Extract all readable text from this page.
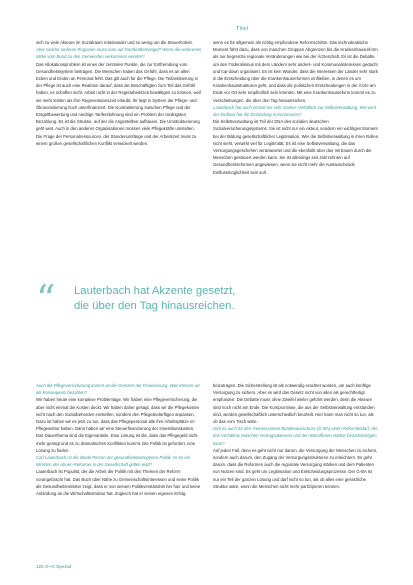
Titel

sich zu viele Akteure im Sozialraum miteinander und so wenig um die Steuerhoheit.

Aber welche anderen Regionen muss man auf Fachkräftemangel? Wenn die verlorenen Mittel vom Bund zu den Gemeinden verkommen werden?

Das Allokationsproblem ist eines der zentralen Punkte, die zur Entfremdung vom Gesundheitssystem beitragen. Die Menschen haben das Gefühl, dass es an allen Ecken und Enden an Personal fehlt. Das gilt auch für die Pflege. Die Teilzeitisierung in der Pflege ist auch eine Reaktion darauf, dass die Beschäftigten zum Teil das Gefühl haben, es schaffen nicht. Arbeit nicht in der Regelarbeitszeit bewältigen zu können, weil sie mehr leisten als ihre Regenerationszeit erlaubt. Ihr liegt in System der Pflege- und Ökonomisierung hoch unterfinanziert. Die Kontrastierung zwischen Pflege und der Entgeltbewertung und niedrige Tarifentlohnung sind ein Problem der niedrigsten Bezahlung. Es ist die Struktur, auf der die Angestellten aufbauen. Die Umstrukturierung geht weit. Auch in den anderen Organisationen müssen viele Pflegekräfte umstellen. Die Frage der Personalressourcen, der Stundenumfänge und der Arbeitszeit muss zu einem großen gesellschaftlichen Konflikt verwickelt werden.

wenn es für allgemein als richtig empfundene Reformschritte. Das technokratische Moment führt dazu, dass von manchen Gruppen Abgrenzen bis die Krankenhausreform als nur begrenzte regionale Veränderungen wie bei der Ärzteschaft. Es ist die Debatte um den Föderalismus mit dem Ländern sehr anders- und Kommunalinteressen gedacht und top-down organisiert. Es ist kein Wunder, dass die Interessen der Länder sehr stark in die Entscheidung über die Krankenhausreformen einfließen, in denen es um Krankenhausstrukturen geht, und dass die politischen Entscheidungen in der Ärzte am Ende vor Ort sehr empfindlich sein könnten. Mit eine Krankenhausreform kommt es zu Verschiebungen, die über den Tag hinausreichen.

Lauterbach hat auch einmal ein sehr starkes Verhältnis zur Selbstverwaltung. Wie wird der Einfluss hat die Einbindung in Kommunen?

Die Selbstverwaltung ist Teil der DNA des sozialen deutschen Sozialversicherungssystems. Sie ist nicht nur ein Akteur, sondern ein wichtiges Moment bei der Bildung gesellschaftlicher Legitimation. Wer die Selbstverwaltung in ihren Rollen nicht sieht, verwirkt viel für Legitimität. Es ist eine Selbstverwaltung, die das Versorgungsgeschehen verantwortet und die ebenfalls über das Vertrauen durch die Menschen gesteuert werden kann. Sie ist allerdings seit Jahrzehnten auf Gesundheitsreformen angewiesen, wenn sie nicht mehr die Austauschende Einflussmöglichkeit sein soll.

“ Lauterbach hat Akzente gesetzt,
die über den Tag hinausreichen.

Auch die Pflegeversicherung kommt an die Grenzen der Finanzierung. Was können wir als Konsequenz bezahlen?

Wir haben heute eine komplexe Problemlage. Wir haben eine Pflegeversicherung, die aber nicht einmal die Kosten deckt. Wir haben daher gesagt, dass wir die Pflegekosten nicht nach den Sozialbehörden einstellen, sondern den Pflegebedürftigen anpassen. Dazu ist haben wir es jetzt zu tun, dass das Pflegepersonal alle ihre Arbeitsplätze im Pflegesektor haben. Dann haben wir eine Steuerfinanzierung der Investitionskosten. Das Dauerthema sind die Eigenanteile. Eine Lösung ist die, dass das Pflegegeld nicht mehr genügt und es zu dramatischen Konflikten kommt. Die Politik ist gefordert, eine Lösung zu finden.

Carl Lauterbach ist die ideale Person der gesundheitsbezogenen Politik. Ist es ein Minister, der als ein Reformer in der Gesellschaft gelten wird?

Lauterbach ist Populist, der die Arbeit der Politik mit den Themen der Reform vorangebracht hat. Das Buch über Nähe zu Gemeinschaftsinteressen und seine Politik als Gesundheitsminister zeigt, dass er von seinem Politikverständnis her hier und keine Anbindung an die Wirtschaftsstruktur hat. Zugleich hat er seinen eigenen Erfolg.

beizutragen. Die Sicherstellung ist als notwendig erachtet worden, um auch künftige Versorgung zu sichern. Aber es wird das Gesetz nicht von allen als gerechtfertigt empfunden. Die Debatte muss ohne Zweifel weiter geführt werden, denn die Akteure sind noch nicht am Ende. Die Kompromisse, die aus der Selbstverwaltung entstanden sind, werden gesellschaftlich unterschiedlich beurteilt. Hier kann man nicht so tun, als ob das vom Tisch wäre.

Gibt es auch für den Gemeinsamen Bundesausschuss (G-BA) einen Reformbedarf, der das Verhältnis zwischen Vertragsakteuren und den Betroffenen stärker berücksichtigen kann?

Auf jeden Fall, denn es geht nicht nur darum, die Versorgung der Menschen zu sichern, sondern auch darum, den Zugang der Versorgungsstrukturen zu erleichtern. Es geht darum, dass die Reformen auch die regionale Versorgung stärken und dem Patienten von Nutzen sind. Es geht um Legitimation und Entscheidungsprozesse. Der G-BA ist nur ein Teil der ganzen Lösung und darf nicht so tun, als ob alles eine gesetzliche Struktur wäre, wenn die Menschen nicht mehr partizipieren können.

126 G+G Spezial
